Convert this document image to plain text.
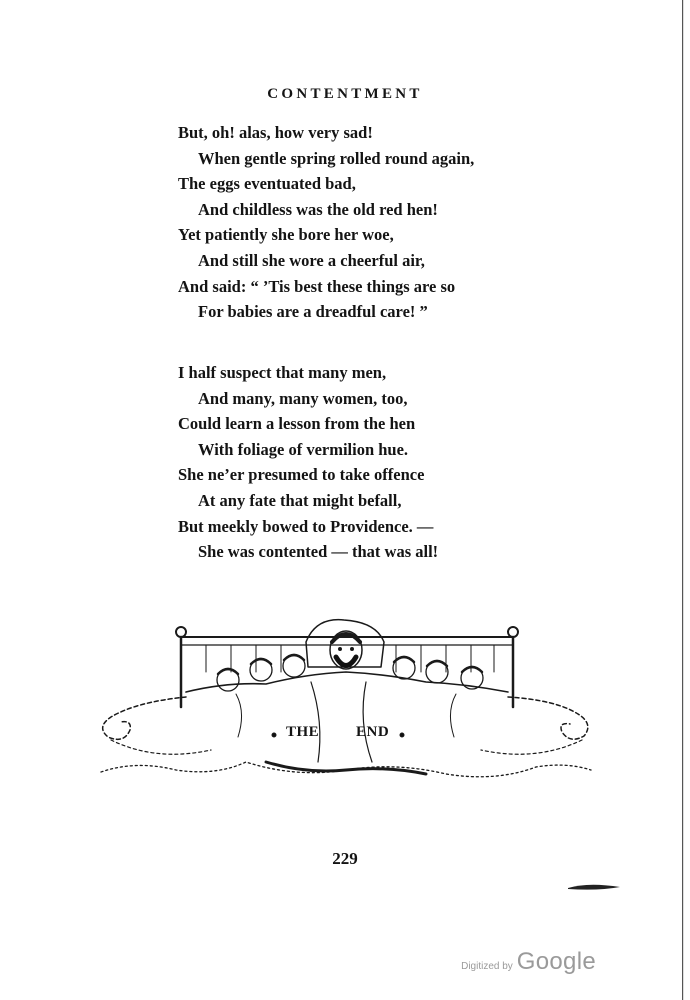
CONTENTMENT
But, oh! alas, how very sad!
When gentle spring rolled round again,
The eggs eventuated bad,
And childless was the old red hen!
Yet patiently she bore her woe,
And still she wore a cheerful air,
And said: “ ’Tis best these things are so
For babies are a dreadful care! ”
I half suspect that many men,
And many, many women, too,
Could learn a lesson from the hen
With foliage of vermilion hue.
She ne’er presumed to take offence
At any fate that might befall,
But meekly bowed to Providence. —
She was contented — that was all!
THE END
229
Digitized by Google
